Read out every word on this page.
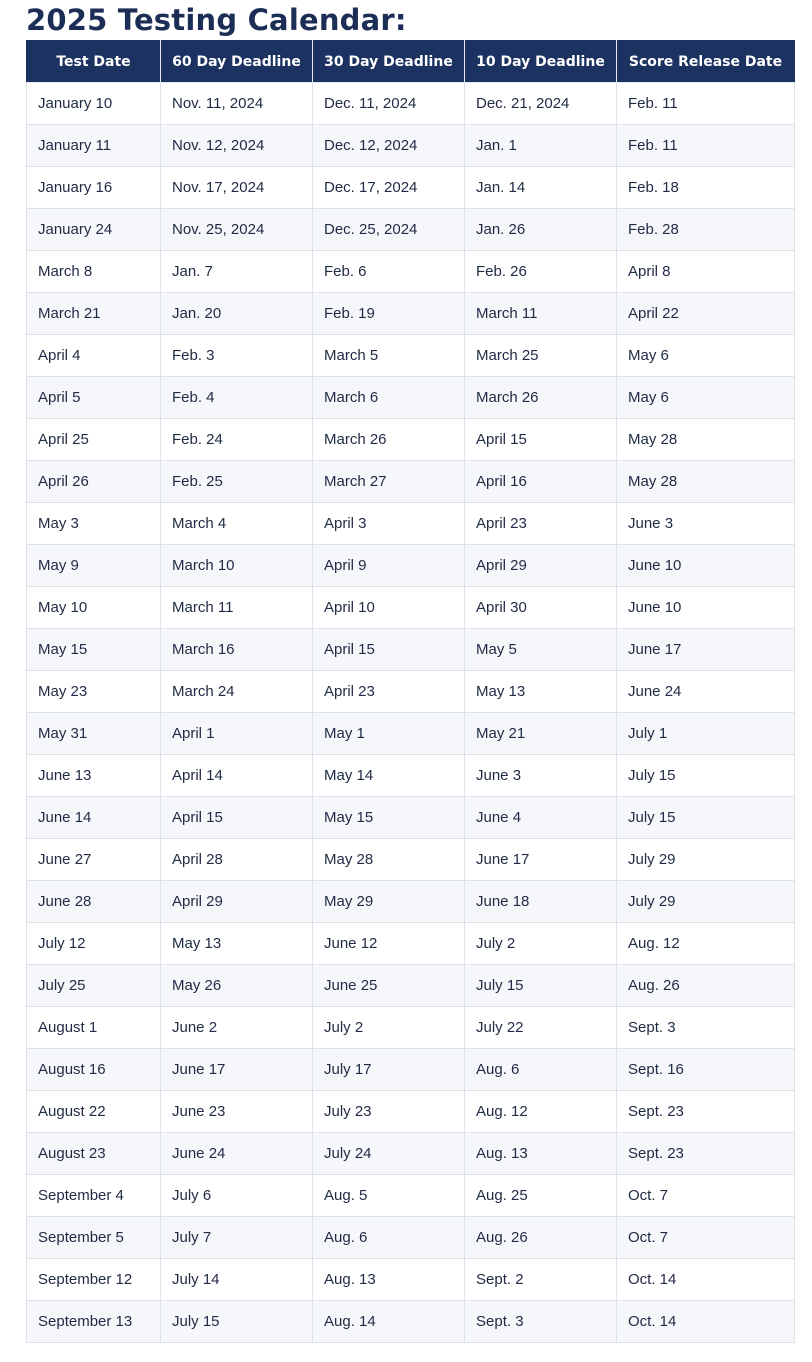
2025 Testing Calendar:
Test Date	60 Day Deadline	30 Day Deadline	10 Day Deadline	Score Release Date
January 10	Nov. 11, 2024	Dec. 11, 2024	Dec. 21, 2024	Feb. 11
January 11	Nov. 12, 2024	Dec. 12, 2024	Jan. 1	Feb. 11
January 16	Nov. 17, 2024	Dec. 17, 2024	Jan. 14	Feb. 18
January 24	Nov. 25, 2024	Dec. 25, 2024	Jan. 26	Feb. 28
March 8	Jan. 7	Feb. 6	Feb. 26	April 8
March 21	Jan. 20	Feb. 19	March 11	April 22
April 4	Feb. 3	March 5	March 25	May 6
April 5	Feb. 4	March 6	March 26	May 6
April 25	Feb. 24	March 26	April 15	May 28
April 26	Feb. 25	March 27	April 16	May 28
May 3	March 4	April 3	April 23	June 3
May 9	March 10	April 9	April 29	June 10
May 10	March 11	April 10	April 30	June 10
May 15	March 16	April 15	May 5	June 17
May 23	March 24	April 23	May 13	June 24
May 31	April 1	May 1	May 21	July 1
June 13	April 14	May 14	June 3	July 15
June 14	April 15	May 15	June 4	July 15
June 27	April 28	May 28	June 17	July 29
June 28	April 29	May 29	June 18	July 29
July 12	May 13	June 12	July 2	Aug. 12
July 25	May 26	June 25	July 15	Aug. 26
August 1	June 2	July 2	July 22	Sept. 3
August 16	June 17	July 17	Aug. 6	Sept. 16
August 22	June 23	July 23	Aug. 12	Sept. 23
August 23	June 24	July 24	Aug. 13	Sept. 23
September 4	July 6	Aug. 5	Aug. 25	Oct. 7
September 5	July 7	Aug. 6	Aug. 26	Oct. 7
September 12	July 14	Aug. 13	Sept. 2	Oct. 14
September 13	July 15	Aug. 14	Sept. 3	Oct. 14
